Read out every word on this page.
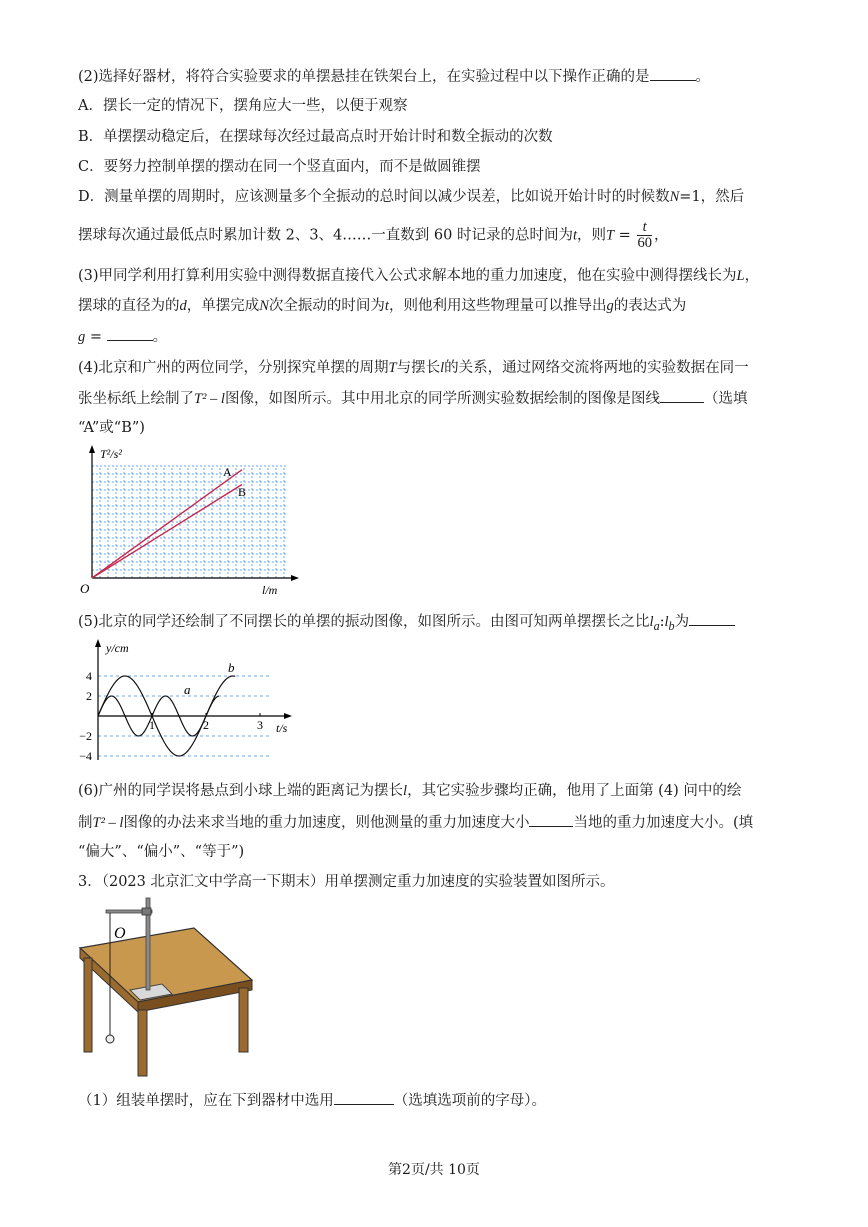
(2)选择好器材，将符合实验要求的单摆悬挂在铁架台上，在实验过程中以下操作正确的是	。
A．摆长一定的情况下，摆角应大一些，以便于观察
B．单摆摆动稳定后，在摆球每次经过最高点时开始计时和数全振动的次数
C．要努力控制单摆的摆动在同一个竖直面内，而不是做圆锥摆
D．测量单摆的周期时，应该测量多个全振动的总时间以减少误差，比如说开始计时的时候数N=1，然后
摆球每次通过最低点时累加计数 2、3、4……一直数到 60 时记录的总时间为t，则$T = \frac{t}{60}$ ，
(3)甲同学利用打算利用实验中测得数据直接代入公式求解本地的重力加速度，他在实验中测得摆线长为L，
摆球的直径为的d，单摆完成N次全振动的时间为t，则他利用这些物理量可以推导出g的表达式为
g =	。
(4)北京和广州的两位同学，分别探究单摆的周期T与摆长l的关系，通过网络交流将两地的实验数据在同一
张坐标纸上绘制了T² – l图像，如图所示。其中用北京的同学所测实验数据绘制的图像是图线	（选填
“A”或“B”)
T²/s²
l/m
O
A
B
(5)北京的同学还绘制了不同摆长的单摆的振动图像，如图所示。由图可知两单摆摆长之比$l_a:l_b$为
4
2
−2
−4
1	2	3
y/cm
t/s
a
b
(6)广州的同学误将悬点到小球上端的距离记为摆长l，其它实验步骤均正确，他用了上面第 (4) 问中的绘
制T² – l图像的办法来求当地的重力加速度，则他测量的重力加速度大小	当地的重力加速度大小。(填
“偏大”、“偏小”、“等于”)
3．（2023 北京汇文中学高一下期末）用单摆测定重力加速度的实验装置如图所示。
O
（1）组装单摆时，应在下到器材中选用	（选填选项前的字母）。
第2页/共 10页
